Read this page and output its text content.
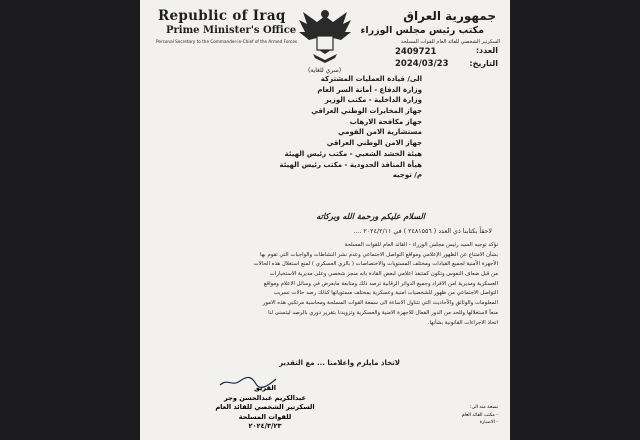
Republic of Iraq
Prime Minister's Office
Personal Secretary to the Commander-in-Chief of the Armed Forces
جمهورية العراق
مكتب رئيس مجلس الوزراء
السكرتير الشخصي للقائد العام للقوات المسلحة
العدد:
2409721
التاريخ:
2024/03/23
(سري للغاية)
الى/ قيادة العمليات المشتركة
وزارة الدفاع - أمانة السر العام
وزارة الداخلية - مكتب الوزير
جهاز المخابرات الوطني العراقي
جهاز مكافحة الارهاب
مستشارية الامن القومي
جهاز الامن الوطني العراقي
هيئة الحشد الشعبي - مكتب رئيس الهيئة
هيأة المنافذ الحدودية - مكتب رئيس الهيئة
م/ توجيه
السلام عليكم ورحمة الله وبركاته
لاحقاً بكتابنا ذي العدد ( ٢٤٨١٥٥٦ ) في ٢٠٢٤/٢/١١ ....
نؤكد توجيه السيد رئيس مجلس الوزراء - القائد العام للقوات المسلحة
بشأن الامتناع عن الظهور الإعلامي ومواقع التواصل الاجتماعي وعدم نشر النشاطات والواجبات التي تقوم بها
الأجهزة الأمنية لجميع القيادات ومختلف المستويات والاختصاصات ( بالزي العسكري ) لمنع استغلال هذه الحالات
من قبل ضعاف النفوس وتكون كمتنفذ اعلامي لبعض القادة بانه منجز شخصي وعلى مديرية الاستخبارات
العسكرية ومديرية امن الافراد وجميع الدوائر الرقابية ترصد ذلك ومتابعة مايعرض في وسائل الاعلام ومواقع
التواصل الاجتماعي من ظهور للشخصيات امنية وعسكرية بمختلف مستوياتها كذلك رصد حالات تسريب
المعلومات والوثائق والأحاديث التي تتناول الاساءة الى سمعة القوات المسلحة ومحاسبة مرتكبي هذه الامور
منعاً لاستغلالها وللحد من الدور الفعال للاجهزة الامنية والعسكرية وتزويدنا بتقرير دوري بالرصد ليتسنى لنا
اتخاذ الاجراءات القانونية بشأنها.
لاتخاذ مايلزم واعلامنا ... مع التقدير
الفريق
عبدالكريم عبدالحسن وجر
السكرتير الشخصي للقائد العام
للقوات المسلحة
٢٠٢٤/٣/٢٣
نسخة منه الى:
- مكتب القائد العام
- الاضبارة
